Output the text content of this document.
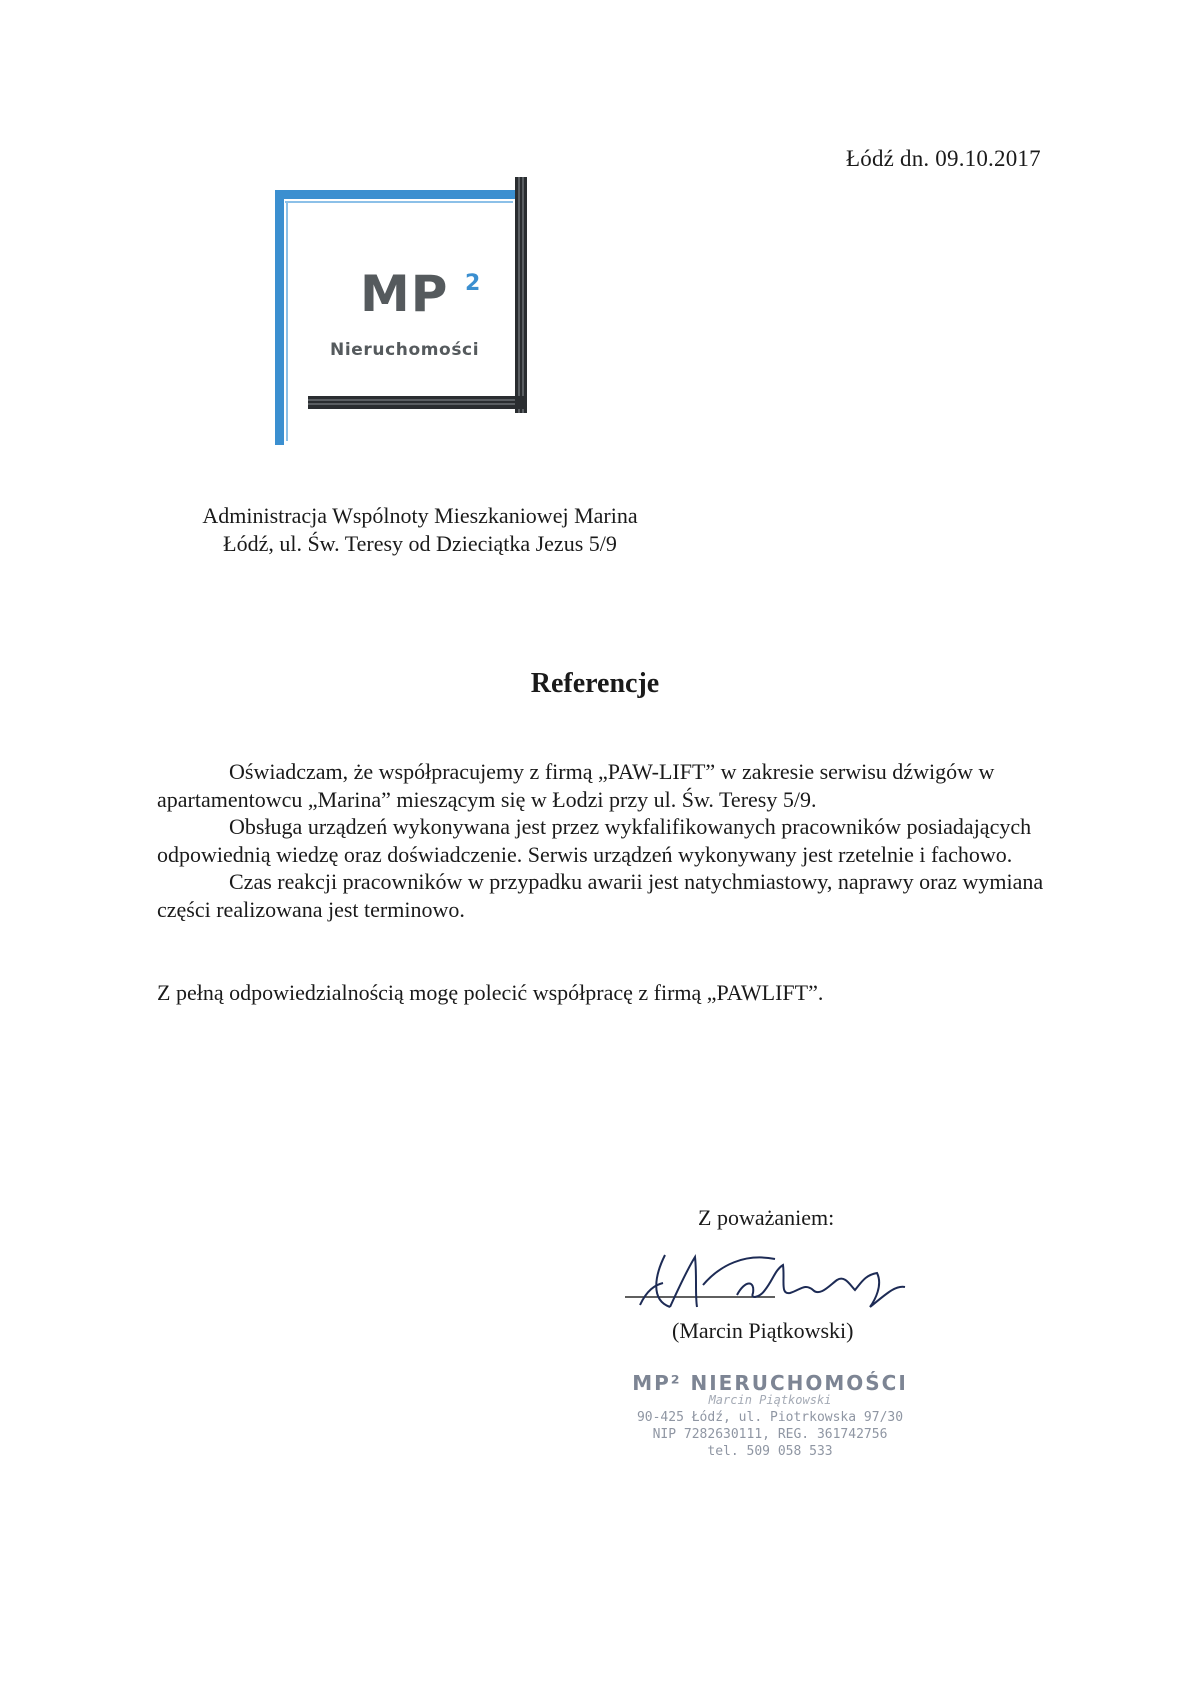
Łódź dn. 09.10.2017
MP 2
Nieruchomości
Administracja Wspólnoty Mieszkaniowej Marina
Łódź, ul. Św. Teresy od Dzieciątka Jezus 5/9
Referencje

Oświadczam, że współpracujemy z firmą „PAW-LIFT” w zakresie serwisu dźwigów w apartamentowcu „Marina” mieszącym się w Łodzi przy ul. Św. Teresy 5/9.

Obsługa urządzeń wykonywana jest przez wykfalifikowanych pracowników posiadających odpowiednią wiedzę oraz doświadczenie. Serwis urządzeń wykonywany jest rzetelnie i fachowo.

Czas reakcji pracowników w przypadku awarii jest natychmiastowy, naprawy oraz wymiana części realizowana jest terminowo.

Z pełną odpowiedzialnością mogę polecić współpracę z firmą „PAWLIFT”.
Z poważaniem:
(Marcin Piątkowski)
MP² NIERUCHOMOŚCI
Marcin Piątkowski
90-425 Łódź, ul. Piotrkowska 97/30
NIP 7282630111, REG. 361742756
tel. 509 058 533
